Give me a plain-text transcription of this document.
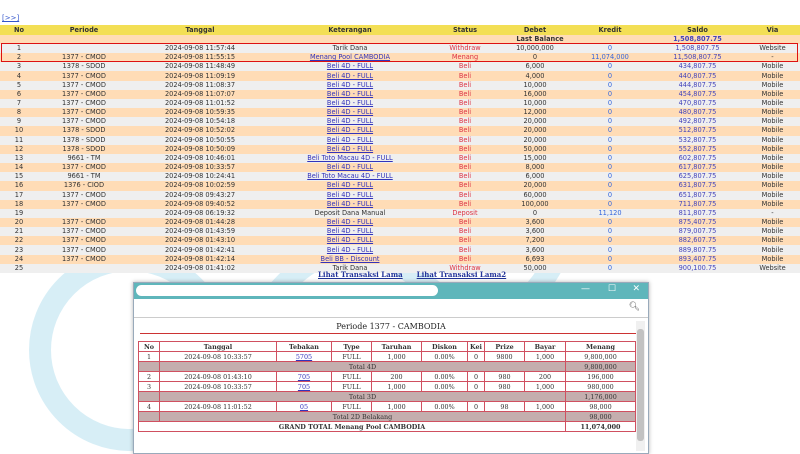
[>>]
No	Periode	Tanggal	Keterangan	Status	Debet	Kredit	Saldo	Via
				Last Balance			1,508,807.75	
1		2024-09-08 11:57:44	Tarik Dana	Withdraw	10,000,000	0	1,508,807.75	Website
2	1377 - CMOD	2024-09-08 11:55:15	Menang Pool CAMBODIA	Menang	0	11,074,000	11,508,807.75	-
3	1378 - SDOD	2024-09-08 11:48:49	Beli 4D - FULL	Beli	6,000	0	434,807.75	Mobile
4	1377 - CMOD	2024-09-08 11:09:19	Beli 4D - FULL	Beli	4,000	0	440,807.75	Mobile
5	1377 - CMOD	2024-09-08 11:08:37	Beli 4D - FULL	Beli	10,000	0	444,807.75	Mobile
6	1377 - CMOD	2024-09-08 11:07:07	Beli 4D - FULL	Beli	16,000	0	454,807.75	Mobile
7	1377 - CMOD	2024-09-08 11:01:52	Beli 4D - FULL	Beli	10,000	0	470,807.75	Mobile
8	1377 - CMOD	2024-09-08 10:59:35	Beli 4D - FULL	Beli	12,000	0	480,807.75	Mobile
9	1377 - CMOD	2024-09-08 10:54:18	Beli 4D - FULL	Beli	20,000	0	492,807.75	Mobile
10	1378 - SDOD	2024-09-08 10:52:02	Beli 4D - FULL	Beli	20,000	0	512,807.75	Mobile
11	1378 - SDOD	2024-09-08 10:50:55	Beli 4D - FULL	Beli	20,000	0	532,807.75	Mobile
12	1378 - SDOD	2024-09-08 10:50:09	Beli 4D - FULL	Beli	50,000	0	552,807.75	Mobile
13	9661 - TM	2024-09-08 10:46:01	Beli Toto Macau 4D - FULL	Beli	15,000	0	602,807.75	Mobile
14	1377 - CMOD	2024-09-08 10:33:57	Beli 4D - FULL	Beli	8,000	0	617,807.75	Mobile
15	9661 - TM	2024-09-08 10:24:41	Beli Toto Macau 4D - FULL	Beli	6,000	0	625,807.75	Mobile
16	1376 - CIOD	2024-09-08 10:02:59	Beli 4D - FULL	Beli	20,000	0	631,807.75	Mobile
17	1377 - CMOD	2024-09-08 09:43:27	Beli 4D - FULL	Beli	60,000	0	651,807.75	Mobile
18	1377 - CMOD	2024-09-08 09:40:52	Beli 4D - FULL	Beli	100,000	0	711,807.75	Mobile
19		2024-09-08 06:19:32	Deposit Dana Manual	Deposit	0	11,120	811,807.75	-
20	1377 - CMOD	2024-09-08 01:44:28	Beli 4D - FULL	Beli	3,600	0	875,407.75	Mobile
21	1377 - CMOD	2024-09-08 01:43:59	Beli 4D - FULL	Beli	3,600	0	879,007.75	Mobile
22	1377 - CMOD	2024-09-08 01:43:10	Beli 4D - FULL	Beli	7,200	0	882,607.75	Mobile
23	1377 - CMOD	2024-09-08 01:42:41	Beli 4D - FULL	Beli	3,600	0	889,807.75	Mobile
24	1377 - CMOD	2024-09-08 01:42:14	Beli BB - Discount	Beli	6,693	0	893,407.75	Mobile
25		2024-09-08 01:41:02	Tarik Dana	Withdraw	50,000	0	900,100.75	Website
Lihat Transaksi Lama Lihat Transaksi Lama2
— ☐ ✕
🔍︎
Periode 1377 - CAMBODIA
No	Tanggal	Tebakan	Type	Taruhan	Diskon	Kei	Prize	Bayar	Menang
1	2024-09-08 10:33:57	5705	FULL	1,000	0.00%	0	9800	1,000	9,800,000
	Total 4D								9,800,000
2	2024-09-08 01:43:10	705	FULL	200	0.00%	0	980	200	196,000
3	2024-09-08 10:33:57	705	FULL	1,000	0.00%	0	980	1,000	980,000
	Total 3D								1,176,000
4	2024-09-08 11:01:52	05	FULL	1,000	0.00%	0	98	1,000	98,000
	Total 2D Belakang								98,000
GRAND TOTAL Menang Pool CAMBODIA									11,074,000
